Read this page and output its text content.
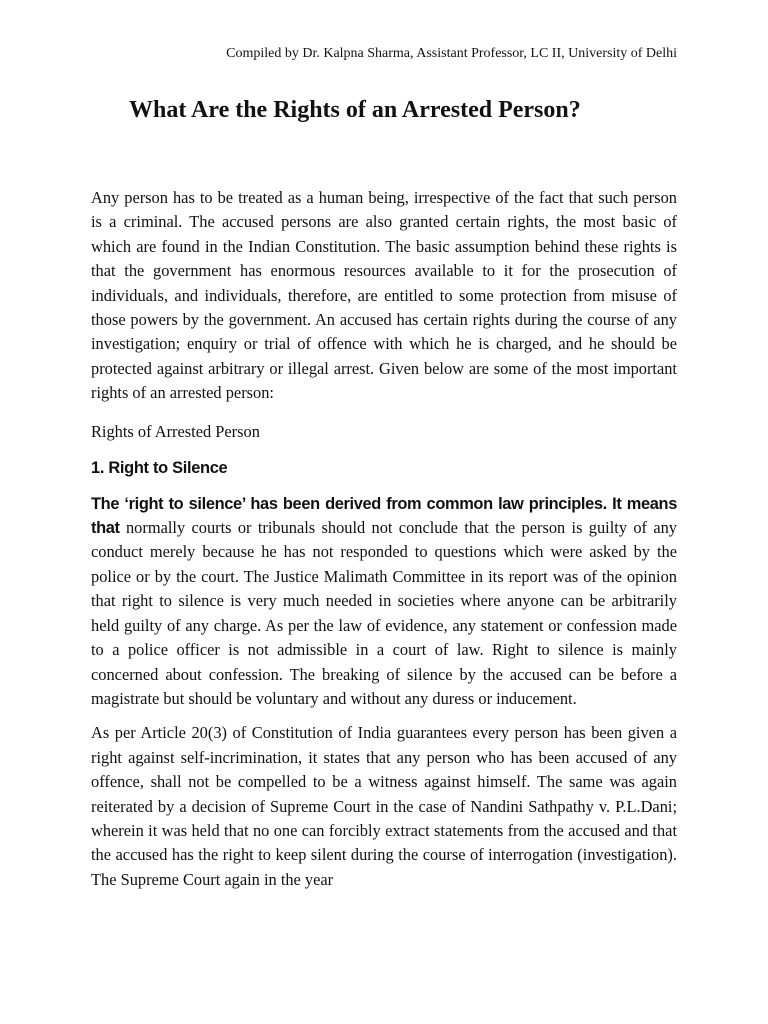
Compiled by Dr. Kalpna Sharma, Assistant Professor, LC II, University of Delhi
What Are the Rights of an Arrested Person?

Any person has to be treated as a human being, irrespective of the fact that such person is a criminal. The accused persons are also granted certain rights, the most basic of which are found in the Indian Constitution. The basic assumption behind these rights is that the government has enormous resources available to it for the prosecution of individuals, and individuals, therefore, are entitled to some protection from misuse of those powers by the government. An accused has certain rights during the course of any investigation; enquiry or trial of offence with which he is charged, and he should be protected against arbitrary or illegal arrest. Given below are some of the most important rights of an arrested person:

Rights of Arrested Person

1. Right to Silence

The ‘right to silence’ has been derived from common law principles. It means that normally courts or tribunals should not conclude that the person is guilty of any conduct merely because he has not responded to questions which were asked by the police or by the court. The Justice Malimath Committee in its report was of the opinion that right to silence is very much needed in societies where anyone can be arbitrarily held guilty of any charge. As per the law of evidence, any statement or confession made to a police officer is not admissible in a court of law. Right to silence is mainly concerned about confession. The breaking of silence by the accused can be before a magistrate but should be voluntary and without any duress or inducement.

As per Article 20(3) of Constitution of India guarantees every person has been given a right against self-incrimination, it states that any person who has been accused of any offence, shall not be compelled to be a witness against himself. The same was again reiterated by a decision of Supreme Court in the case of Nandini Sathpathy v. P.L.Dani; wherein it was held that no one can forcibly extract statements from the accused and that the accused has the right to keep silent during the course of interrogation (investigation). The Supreme Court again in the year
